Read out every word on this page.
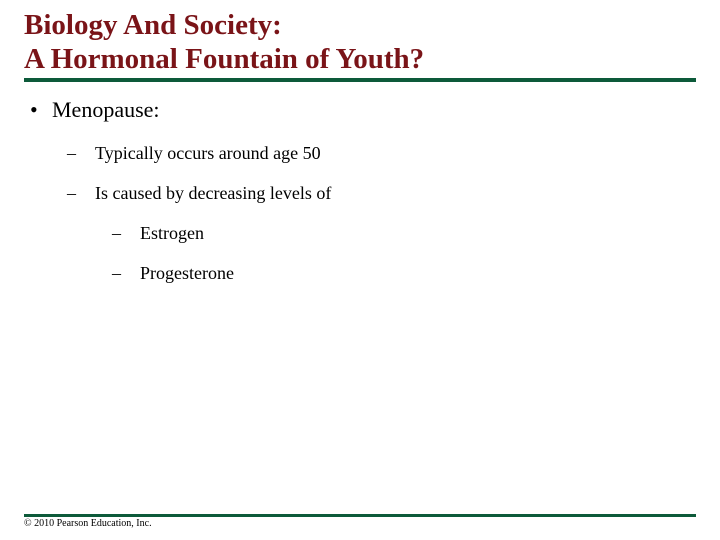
Biology And Society:
A Hormonal Fountain of Youth?
• Menopause:
– Typically occurs around age 50
– Is caused by decreasing levels of
– Estrogen
– Progesterone
© 2010 Pearson Education, Inc.
